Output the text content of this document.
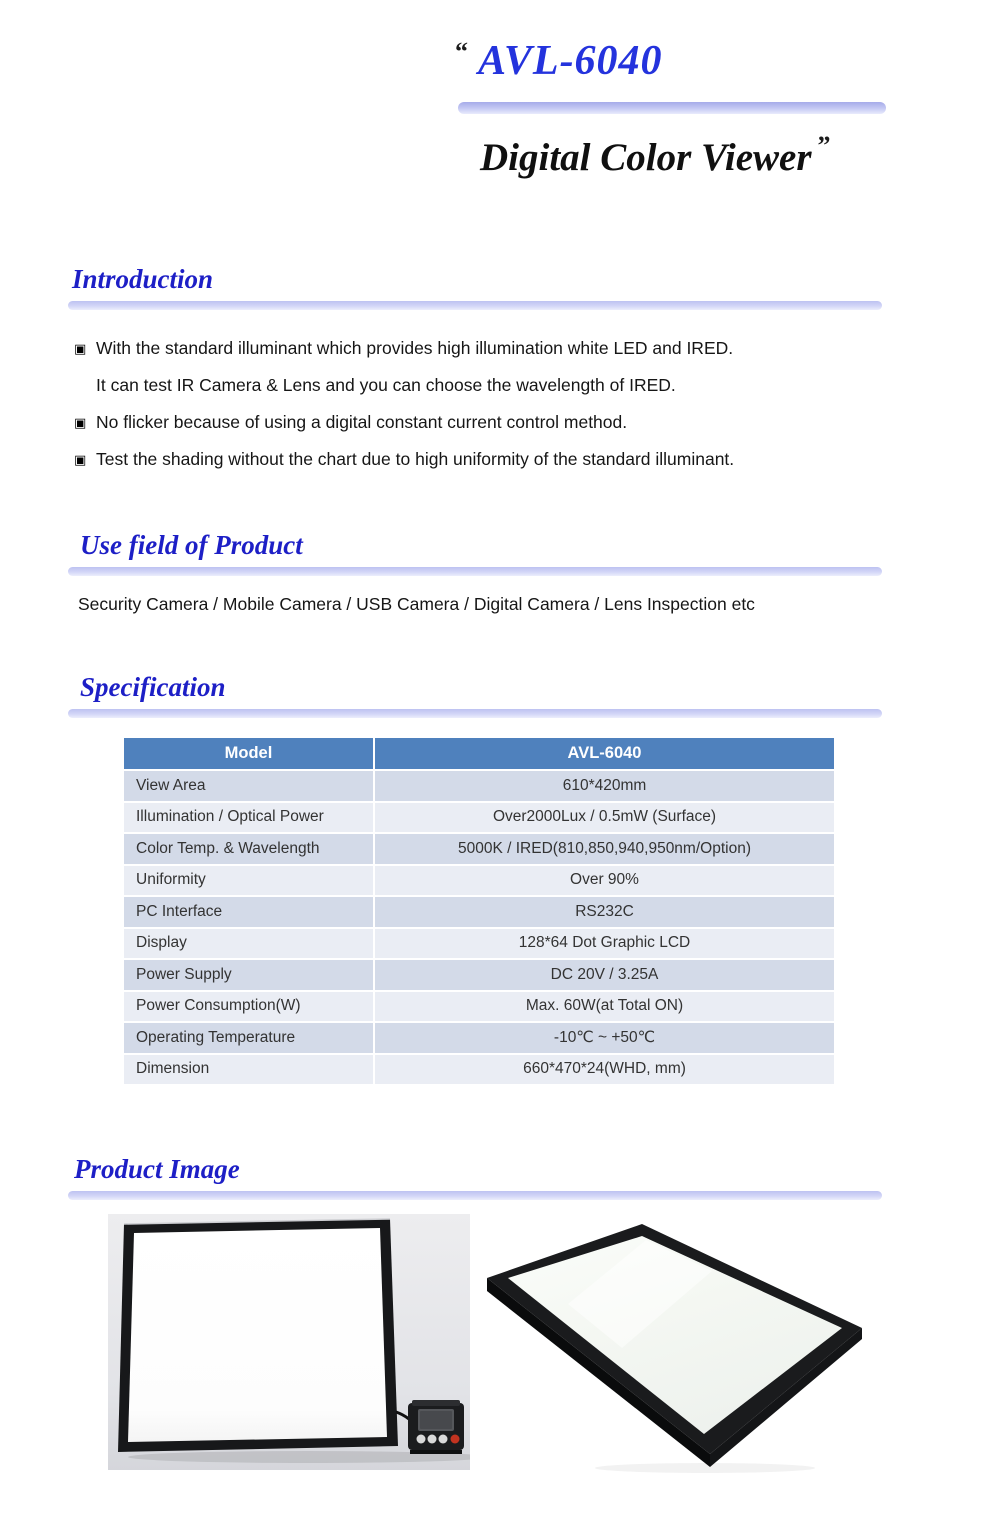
“ AVL-6040
Digital Color Viewer ”
Introduction
▣ With the standard illuminant which provides high illumination white LED and IRED.
It can test IR Camera & Lens and you can choose the wavelength of IRED.
▣ No flicker because of using a digital constant current control method.
▣ Test the shading without the chart due to high uniformity of the standard illuminant.
Use field of Product

Security Camera / Mobile Camera / USB Camera / Digital Camera / Lens Inspection etc

Specification
Model	AVL-6040
View Area	610*420mm
Illumination / Optical Power	Over2000Lux / 0.5mW (Surface)
Color Temp. & Wavelength	5000K / IRED(810,850,940,950nm/Option)
Uniformity	Over 90%
PC Interface	RS232C
Display	128*64 Dot Graphic LCD
Power Supply	DC 20V / 3.25A
Power Consumption(W)	Max. 60W(at Total ON)
Operating Temperature	-10℃ ~ +50℃
Dimension	660*470*24(WHD, mm)
Product Image
